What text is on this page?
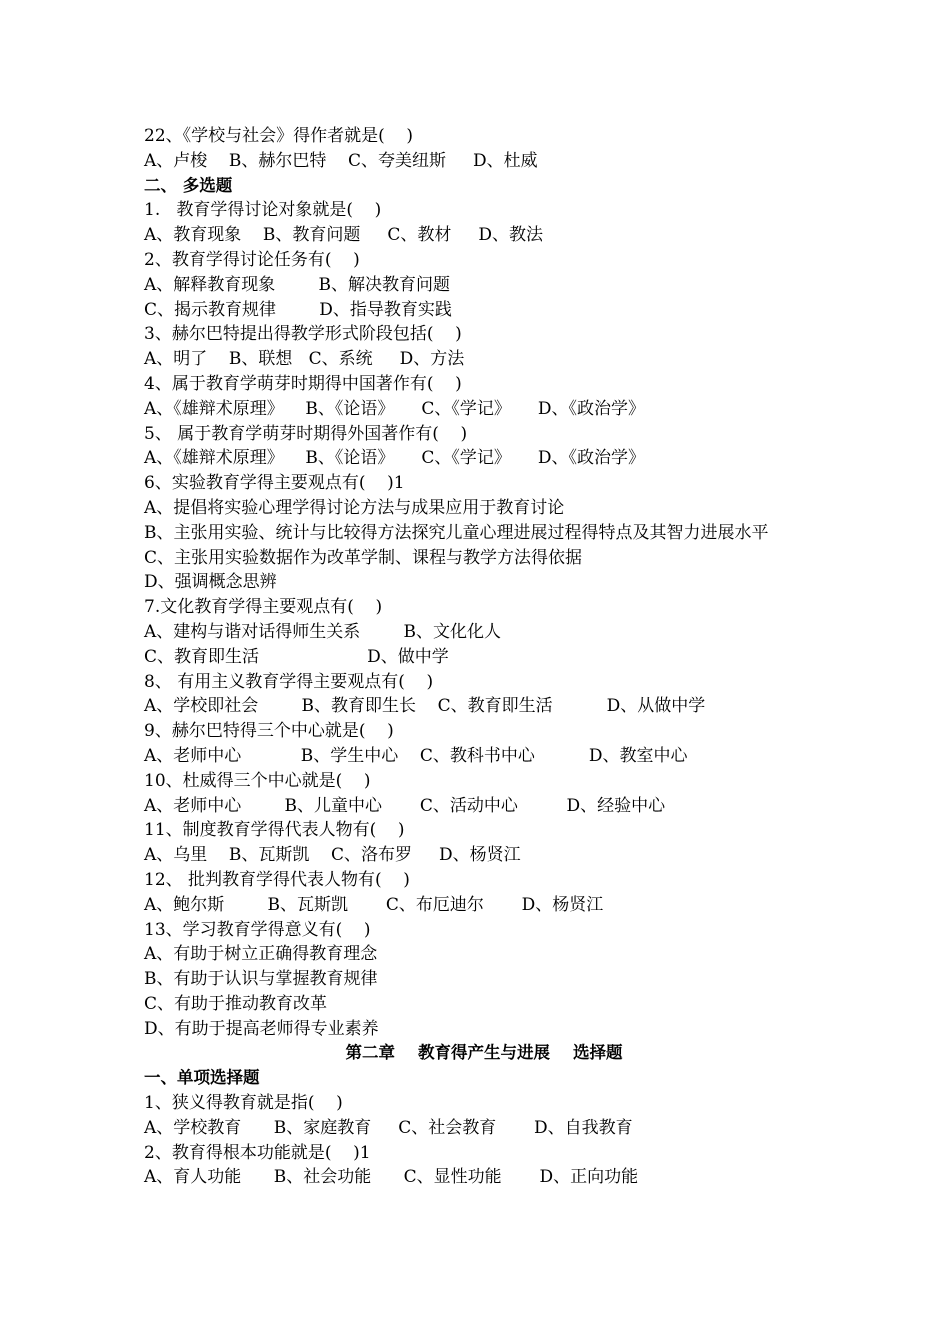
22、《学校与社会》得作者就是(    )
A、卢梭    B、赫尔巴特    C、夸美纽斯     D、杜威
二、 多选题
1.   教育学得讨论对象就是(    )
A、教育现象    B、教育问题     C、教材     D、教法
2、教育学得讨论任务有(    )
A、解释教育现象        B、解决教育问题
C、揭示教育规律        D、指导教育实践
3、赫尔巴特提出得教学形式阶段包括(    )
A、明了    B、联想   C、系统     D、方法
4、属于教育学萌芽时期得中国著作有(    )
A、《雄辩术原理》    B、《论语》     C、《学记》     D、《政治学》
5、 属于教育学萌芽时期得外国著作有(    )
A、《雄辩术原理》    B、《论语》     C、《学记》     D、《政治学》
6、实验教育学得主要观点有(    )1
A、提倡将实验心理学得讨论方法与成果应用于教育讨论
B、主张用实验、统计与比较得方法探究儿童心理进展过程得特点及其智力进展水平
C、主张用实验数据作为改革学制、课程与教学方法得依据
D、强调概念思辨
7.文化教育学得主要观点有(    )
A、建构与谐对话得师生关系        B、文化化人
C、教育即生活                    D、做中学
8、 有用主义教育学得主要观点有(    )
A、学校即社会        B、教育即生长    C、教育即生活          D、从做中学
9、赫尔巴特得三个中心就是(    )
A、老师中心           B、学生中心    C、教科书中心          D、教室中心
10、杜威得三个中心就是(    )
A、老师中心        B、儿童中心       C、活动中心         D、经验中心
11、制度教育学得代表人物有(    )
A、乌里    B、瓦斯凯    C、洛布罗     D、杨贤江
12、 批判教育学得代表人物有(    )
A、鲍尔斯        B、瓦斯凯       C、布厄迪尔       D、杨贤江
13、学习教育学得意义有(    )
A、有助于树立正确得教育理念
B、有助于认识与掌握教育规律
C、有助于推动教育改革
D、有助于提高老师得专业素养
第二章    教育得产生与进展    选择题
一、单项选择题
1、狭义得教育就是指(    )
A、学校教育      B、家庭教育     C、社会教育       D、自我教育
2、教育得根本功能就是(    )1
A、育人功能      B、社会功能      C、显性功能       D、正向功能
